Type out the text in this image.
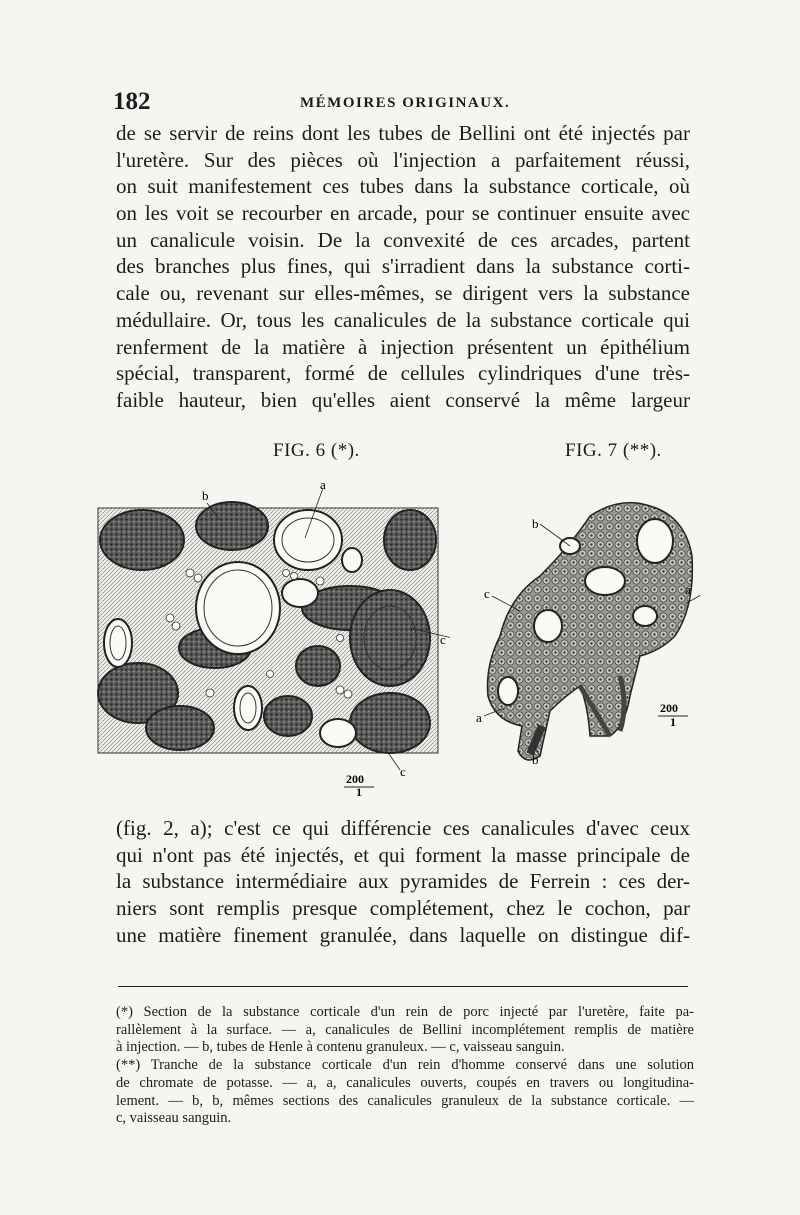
182	MÉMOIRES ORIGINAUX.
de se servir de reins dont les tubes de Bellini ont été injectés par
l'uretère. Sur des pièces où l'injection a parfaitement réussi,
on suit manifestement ces tubes dans la substance corticale, où
on les voit se recourber en arcade, pour se continuer ensuite avec
un canalicule voisin. De la convexité de ces arcades, partent
des branches plus fines, qui s'irradient dans la substance corti-
cale ou, revenant sur elles-mêmes, se dirigent vers la substance
médullaire. Or, tous les canalicules de la substance corticale qui
renferment de la matière à injection présentent un épithélium
spécial, transparent, formé de cellules cylindriques d'une très-
faible hauteur, bien qu'elles aient conservé la même largeur
FIG. 6 (*).	FIG. 7 (**).
b
a
c
c
200
1
b
c	a
a
b
200
1
(fig. 2, a); c'est ce qui différencie ces canalicules d'avec ceux
qui n'ont pas été injectés, et qui forment la masse principale de
la substance intermédiaire aux pyramides de Ferrein : ces der-
niers sont remplis presque complétement, chez le cochon, par
une matière finement granulée, dans laquelle on distingue dif-
(*) Section de la substance corticale d'un rein de porc injecté par l'uretère, faite pa-
rallèlement à la surface. — a, canalicules de Bellini incomplétement remplis de matière
à injection. — b, tubes de Henle à contenu granuleux. — c, vaisseau sanguin.
(**) Tranche de la substance corticale d'un rein d'homme conservé dans une solution
de chromate de potasse. — a, a, canalicules ouverts, coupés en travers ou longitudina-
lement. — b, b, mêmes sections des canalicules granuleux de la substance corticale. —
c, vaisseau sanguin.
